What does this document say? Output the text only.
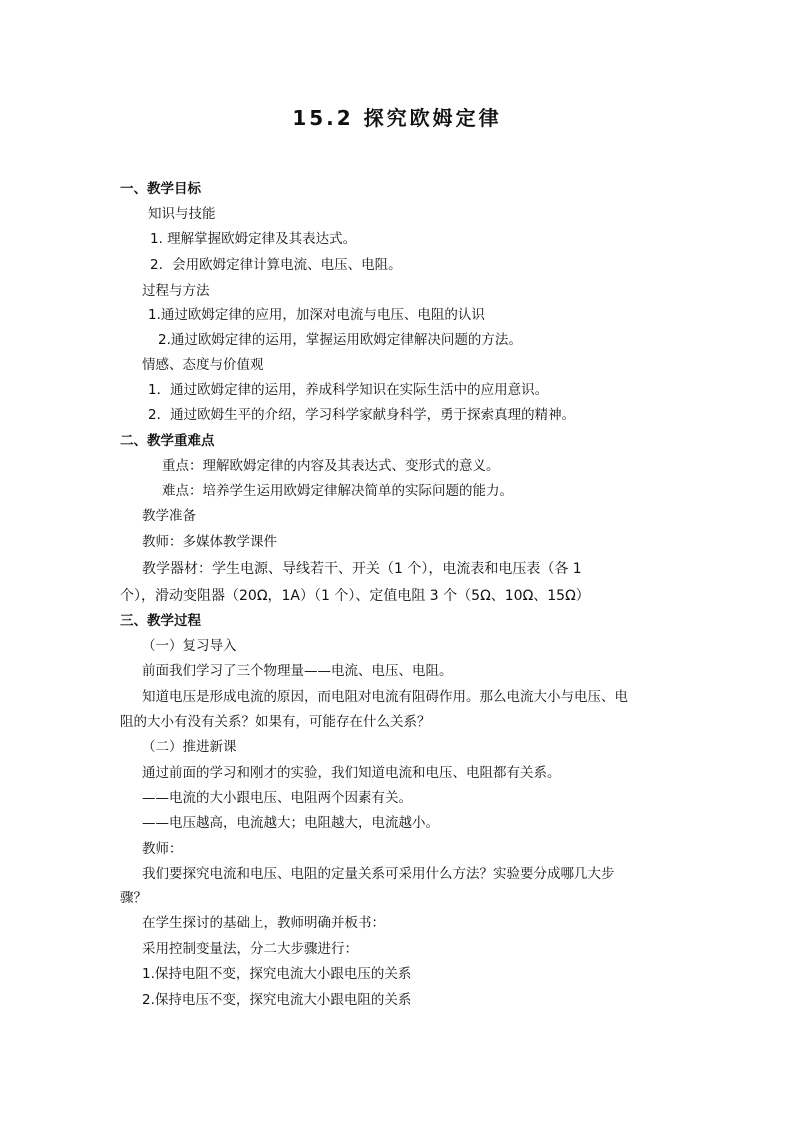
15.2 探究欧姆定律
一、教学目标
知识与技能
1. 理解掌握欧姆定律及其表达式。
2．会用欧姆定律计算电流、电压、电阻。
过程与方法
1.通过欧姆定律的应用，加深对电流与电压、电阻的认识
2.通过欧姆定律的运用，掌握运用欧姆定律解决问题的方法。
情感、态度与价值观
1．通过欧姆定律的运用，养成科学知识在实际生活中的应用意识。
2．通过欧姆生平的介绍，学习科学家献身科学，勇于探索真理的精神。
二、教学重难点
重点：理解欧姆定律的内容及其表达式、变形式的意义。
难点：培养学生运用欧姆定律解决简单的实际问题的能力。
教学准备
教师：多媒体教学课件
教学器材：学生电源、导线若干、开关（1 个），电流表和电压表（各 1
个），滑动变阻器（20Ω，1A）（1 个）、定值电阻 3 个（5Ω、10Ω、15Ω）
三、教学过程
（一）复习导入
前面我们学习了三个物理量——电流、电压、电阻。
知道电压是形成电流的原因，而电阻对电流有阻碍作用。那么电流大小与电压、电
阻的大小有没有关系？如果有，可能存在什么关系？
（二）推进新课
通过前面的学习和刚才的实验，我们知道电流和电压、电阻都有关系。
——电流的大小跟电压、电阻两个因素有关。
——电压越高，电流越大；电阻越大，电流越小。
教师：
我们要探究电流和电压、电阻的定量关系可采用什么方法？实验要分成哪几大步
骤？
在学生探讨的基础上，教师明确并板书：
采用控制变量法，分二大步骤进行：
1.保持电阻不变，探究电流大小跟电压的关系
2.保持电压不变，探究电流大小跟电阻的关系
